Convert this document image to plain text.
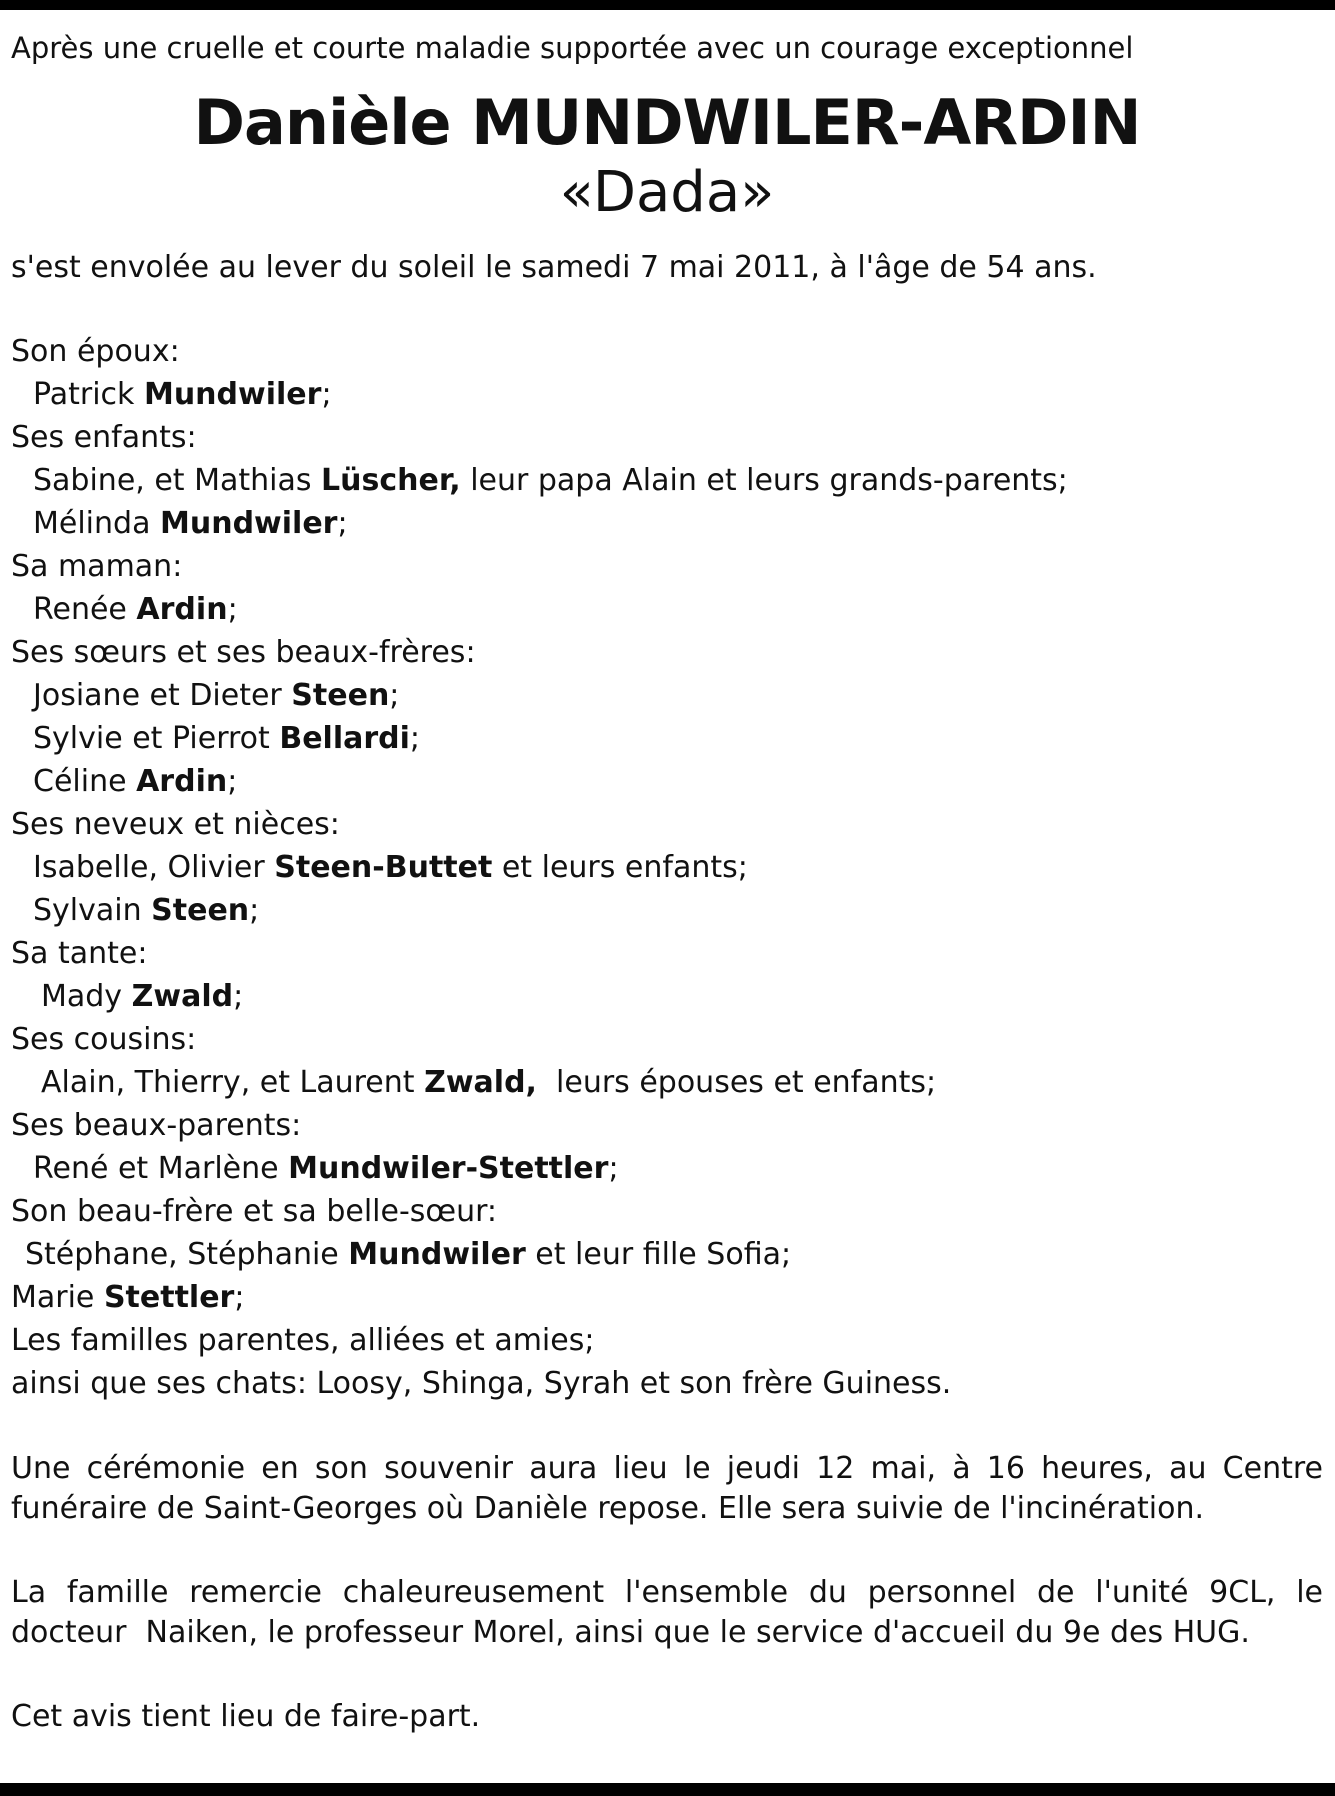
Après une cruelle et courte maladie supportée avec un courage exceptionnel

Danièle MUNDWILER-ARDIN
«Dada»

s'est envolée au lever du soleil le samedi 7 mai 2011, à l'âge de 54 ans.

Son époux:
Patrick Mundwiler;
Ses enfants:
Sabine, et Mathias Lüscher, leur papa Alain et leurs grands-parents;
Mélinda Mundwiler;
Sa maman:
Renée Ardin;
Ses sœurs et ses beaux-frères:
Josiane et Dieter Steen;
Sylvie et Pierrot Bellardi;
Céline Ardin;
Ses neveux et nièces:
Isabelle, Olivier Steen-Buttet et leurs enfants;
Sylvain Steen;
Sa tante:
Mady Zwald;
Ses cousins:
Alain, Thierry, et Laurent Zwald,  leurs épouses et enfants;
Ses beaux-parents:
René et Marlène Mundwiler-Stettler;
Son beau-frère et sa belle-sœur:
Stéphane, Stéphanie Mundwiler et leur fille Sofia;
Marie Stettler;
Les familles parentes, alliées et amies;
ainsi que ses chats: Loosy, Shinga, Syrah et son frère Guiness.
Une cérémonie en son souvenir aura lieu le jeudi 12 mai, à 16 heures, au Centre
funéraire de Saint-Georges où Danièle repose. Elle sera suivie de l'incinération.
La famille remercie chaleureusement l'ensemble du personnel de l'unité 9CL, le
docteur  Naiken, le professeur Morel, ainsi que le service d'accueil du 9e des HUG.
Cet avis tient lieu de faire-part.
